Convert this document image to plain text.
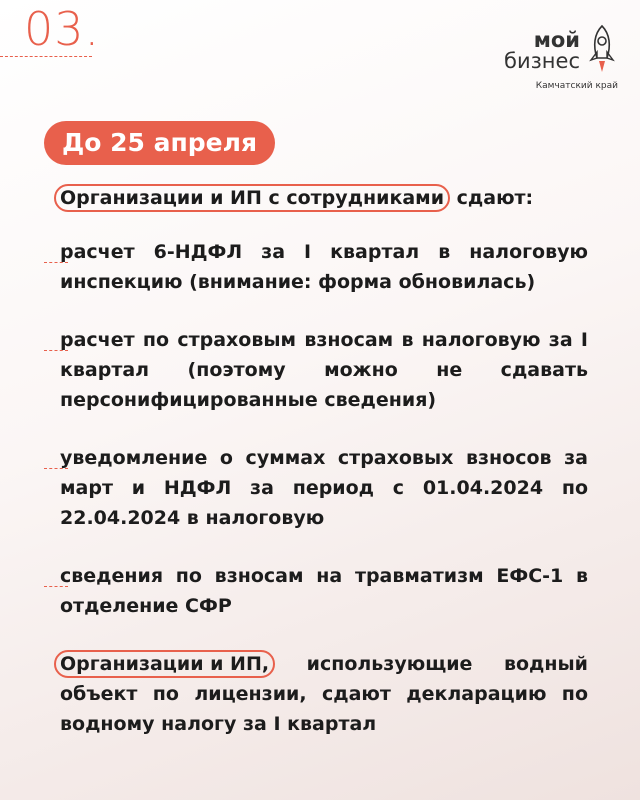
03.	мой
бизнес
Камчатский край
До 25 апреля

Организации и ИП с сотрудниками сдают:

расчет 6-НДФЛ за I квартал в налоговую инспекцию (внимание: форма обновилась)

расчет по страховым взносам в налоговую за I квартал (поэтому можно не сдавать персонифицированные сведения)

уведомление о суммах страховых взносов за март и НДФЛ за период с 01.04.2024 по 22.04.2024 в налоговую

сведения по взносам на травматизм ЕФС-1 в отделение СФР

Организации и ИП, использующие водный объект по лицензии, сдают декларацию по водному налогу за I квартал
